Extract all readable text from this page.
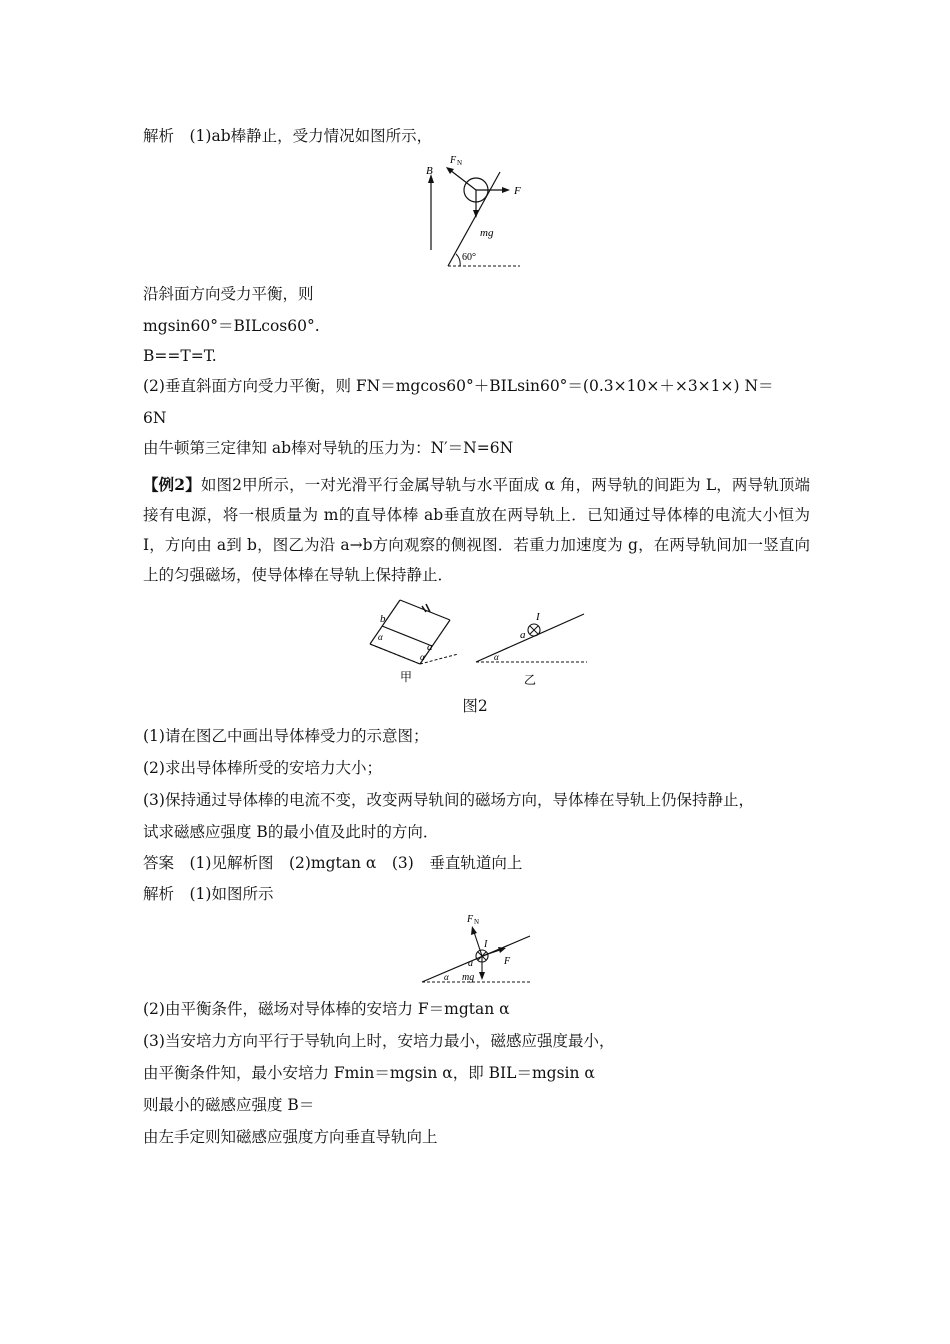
解析　(1)ab棒静止，受力情况如图所示，
B
F N
F
mg
60°
沿斜面方向受力平衡，则
mgsin60°＝BILcos60°.
B==T=T.
(2)垂直斜面方向受力平衡，则 FN＝mgcos60°＋BILsin60°＝(0.3×10×＋×3×1×) N＝
6N
由牛顿第三定律知 ab棒对导轨的压力为：N′＝N=6N
【例2】如图2甲所示，一对光滑平行金属导轨与水平面成 α 角，两导轨的间距为 L，两导轨顶端接有电源，将一根质量为 m的直导体棒 ab垂直放在两导轨上．已知通过导体棒的电流大小恒为 I，方向由 a到 b，图乙为沿 a→b方向观察的侧视图．若重力加速度为 g，在两导轨间加一竖直向上的匀强磁场，使导体棒在导轨上保持静止．
b
a
α
α
甲
I
a
α
乙
图2
(1)请在图乙中画出导体棒受力的示意图；
(2)求出导体棒所受的安培力大小；
(3)保持通过导体棒的电流不变，改变两导轨间的磁场方向，导体棒在导轨上仍保持静止，
试求磁感应强度 B的最小值及此时的方向．
答案　(1)见解析图　(2)mgtan α　(3)　垂直轨道向上
解析　(1)如图所示
F N
I
a	F
mg
α
(2)由平衡条件，磁场对导体棒的安培力 F＝mgtan α
(3)当安培力方向平行于导轨向上时，安培力最小，磁感应强度最小，
由平衡条件知，最小安培力 Fmin＝mgsin α，即 BIL＝mgsin α
则最小的磁感应强度 B＝
由左手定则知磁感应强度方向垂直导轨向上
